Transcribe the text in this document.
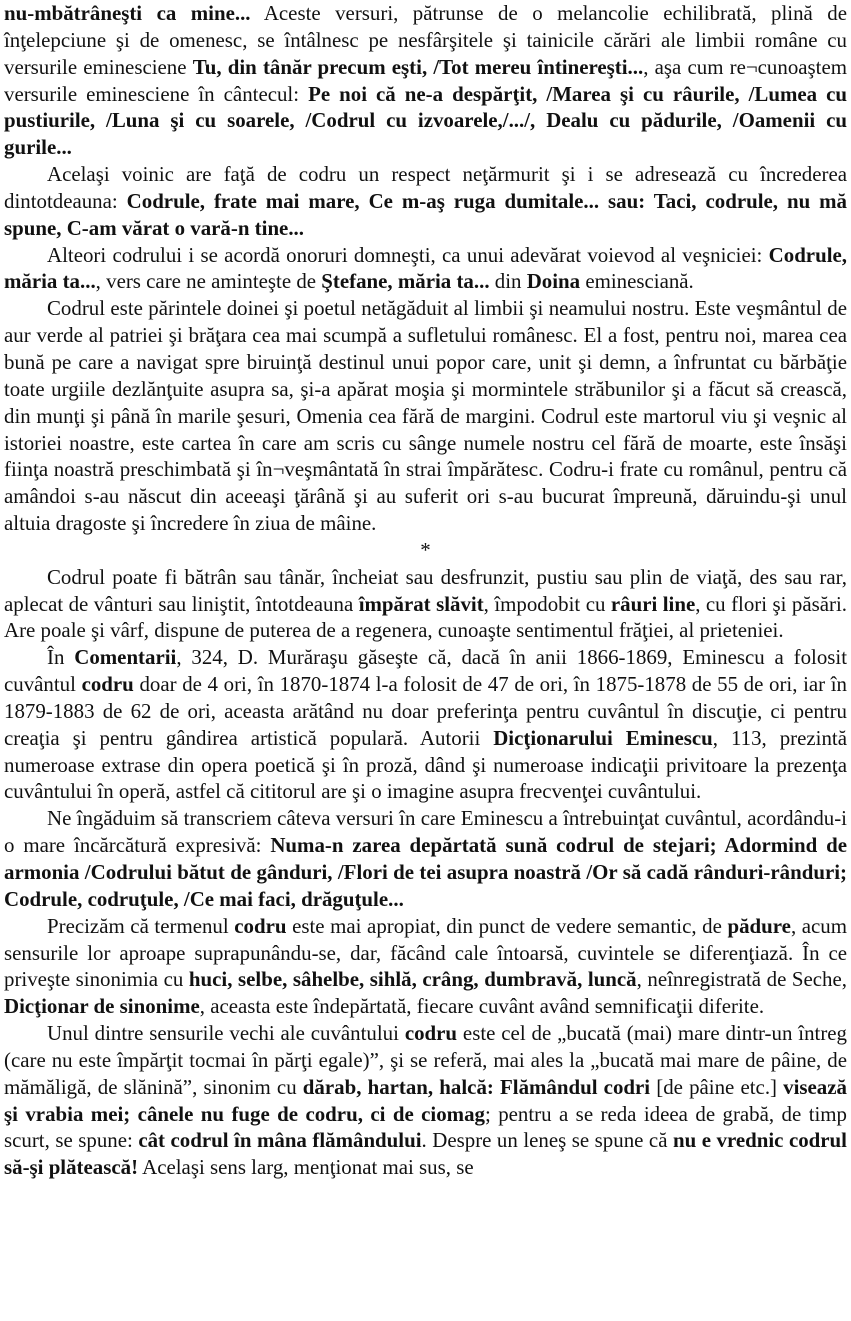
nu-mbătrâneşti ca mine... Aceste versuri, pătrunse de o melancolie echilibrată, plină de înţelepciune şi de omenesc, se întâlnesc pe nesfârşitele şi tainicile cărări ale limbii române cu versurile eminesciene Tu, din tânăr precum eşti, /Tot mereu întinereşti..., aşa cum re¬cunoaştem versurile eminesciene în cântecul: Pe noi că ne-a despărţit, /Marea şi cu râurile, /Lumea cu pustiurile, /Luna şi cu soarele, /Codrul cu izvoarele,/.../, Dealu cu pădurile, /Oamenii cu gurile...

Acelaşi voinic are faţă de codru un respect neţărmurit şi i se adresează cu încrederea dintotdeauna: Codrule, frate mai mare, Ce m-aş ruga dumitale... sau: Taci, codrule, nu mă spune, C-am vărat o vară-n tine...

Alteori codrului i se acordă onoruri domneşti, ca unui adevărat voievod al veşniciei: Codrule, măria ta..., vers care ne aminteşte de Ştefane, măria ta... din Doina eminesciană.

Codrul este părintele doinei şi poetul netăgăduit al limbii şi neamului nostru. Este veşmântul de aur verde al patriei şi brăţara cea mai scumpă a sufletului românesc. El a fost, pentru noi, marea cea bună pe care a navigat spre biruinţă destinul unui popor care, unit şi demn, a înfruntat cu bărbăţie toate urgiile dezlănţuite asupra sa, şi-a apărat moşia şi mormintele străbunilor şi a făcut să crească, din munţi şi până în marile şesuri, Omenia cea fără de margini. Codrul este martorul viu şi veşnic al istoriei noastre, este cartea în care am scris cu sânge numele nostru cel fără de moarte, este însăşi fiinţa noastră preschimbată şi în¬veşmântată în strai împărătesc. Codru-i frate cu românul, pentru că amândoi s-au născut din aceeaşi ţărână şi au suferit ori s-au bucurat împreună, dăruindu-şi unul altuia dragoste şi încredere în ziua de mâine.

*

Codrul poate fi bătrân sau tânăr, încheiat sau desfrunzit, pustiu sau plin de viaţă, des sau rar, aplecat de vânturi sau liniştit, întotdeauna împărat slăvit, împodobit cu râuri line, cu flori şi păsări. Are poale şi vârf, dispune de puterea de a regenera, cunoaşte sentimentul frăţiei, al prieteniei.

În Comentarii, 324, D. Murăraşu găseşte că, dacă în anii 1866-1869, Eminescu a folosit cuvântul codru doar de 4 ori, în 1870-1874 l-a folosit de 47 de ori, în 1875-1878 de 55 de ori, iar în 1879-1883 de 62 de ori, aceasta arătând nu doar preferinţa pentru cuvântul în discuţie, ci pentru creaţia şi pentru gândirea artistică populară. Autorii Dicţionarului Eminescu, 113, prezintă numeroase extrase din opera poetică şi în proză, dând şi numeroase indicaţii privitoare la prezenţa cuvântului în operă, astfel că cititorul are şi o imagine asupra frecvenţei cuvântului.

Ne îngăduim să transcriem câteva versuri în care Eminescu a întrebuinţat cuvântul, acordându-i o mare încărcătură expresivă: Numa-n zarea depărtată sună codrul de stejari; Adormind de armonia /Codrului bătut de gânduri, /Flori de tei asupra noastră /Or să cadă rânduri-rânduri; Codrule, codruţule, /Ce mai faci, drăguţule...

Precizăm că termenul codru este mai apropiat, din punct de vedere semantic, de pădure, acum sensurile lor aproape suprapunându-se, dar, făcând cale întoarsă, cuvintele se diferenţiază. În ce priveşte sinonimia cu huci, selbe, sâhelbe, sihlă, crâng, dumbravă, luncă, neînregistrată de Seche, Dicţionar de sinonime, aceasta este îndepărtată, fiecare cuvânt având semnificaţii diferite.

Unul dintre sensurile vechi ale cuvântului codru este cel de „bucată (mai) mare dintr-un întreg (care nu este împărţit tocmai în părţi egale)”, şi se referă, mai ales la „bucată mai mare de pâine, de mămăligă, de slănină”, sinonim cu dărab, hartan, halcă: Flămândul codri [de pâine etc.] visează şi vrabia mei; cânele nu fuge de codru, ci de ciomag; pentru a se reda ideea de grabă, de timp scurt, se spune: cât codrul în mâna flămândului. Despre un leneş se spune că nu e vrednic codrul să-şi plătească! Acelaşi sens larg, menţionat mai sus, se
